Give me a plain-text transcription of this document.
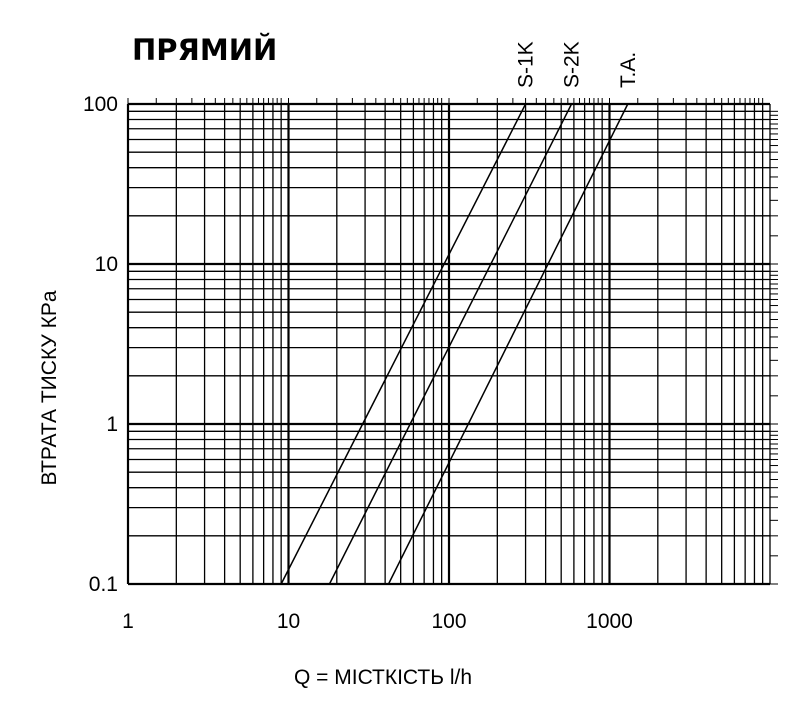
ПРЯМИЙ	S-1K S-2K T.A.
1	10	100	1000
0.1
1
10
100
Q = МІСТКІСТЬ l/h
ВТРАТА ТИСКУ КPa
